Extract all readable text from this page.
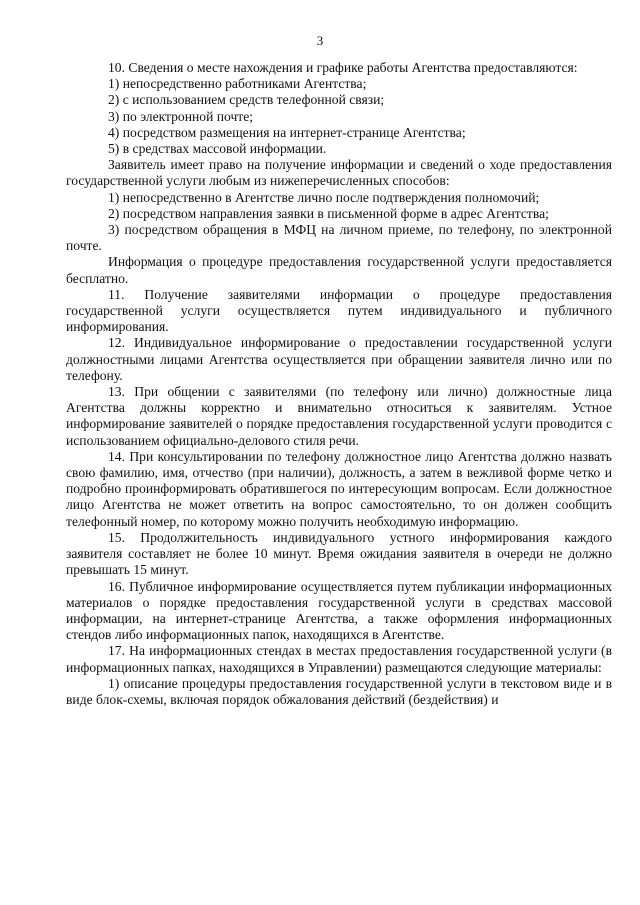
3

10. Сведения о месте нахождения и графике работы Агентства предоставляются:

1) непосредственно работниками Агентства;

2) с использованием средств телефонной связи;

3) по электронной почте;

4) посредством размещения на интернет-странице Агентства;

5) в средствах массовой информации.

Заявитель имеет право на получение информации и сведений о ходе предоставления государственной услуги любым из нижеперечисленных способов:

1) непосредственно в Агентстве лично после подтверждения полномочий;

2) посредством направления заявки в письменной форме в адрес Агентства;

3) посредством обращения в МФЦ на личном приеме, по телефону, по электронной почте.

Информация о процедуре предоставления государственной услуги предоставляется бесплатно.

11. Получение заявителями информации о процедуре предоставления государственной услуги осуществляется путем индивидуального и публичного информирования.

12. Индивидуальное информирование о предоставлении государственной услуги должностными лицами Агентства осуществляется при обращении заявителя лично или по телефону.

13. При общении с заявителями (по телефону или лично) должностные лица Агентства должны корректно и внимательно относиться к заявителям. Устное информирование заявителей о порядке предоставления государственной услуги проводится с использованием официально-делового стиля речи.

14. При консультировании по телефону должностное лицо Агентства должно назвать свою фамилию, имя, отчество (при наличии), должность, а затем в вежливой форме четко и подробно проинформировать обратившегося по интересующим вопросам. Если должностное лицо Агентства не может ответить на вопрос самостоятельно, то он должен сообщить телефонный номер, по которому можно получить необходимую информацию.

15. Продолжительность индивидуального устного информирования каждого заявителя составляет не более 10 минут. Время ожидания заявителя в очереди не должно превышать 15 минут.

16. Публичное информирование осуществляется путем публикации информационных материалов о порядке предоставления государственной услуги в средствах массовой информации, на интернет-странице Агентства, а также оформления информационных стендов либо информационных папок, находящихся в Агентстве.

17. На информационных стендах в местах предоставления государственной услуги (в информационных папках, находящихся в Управлении) размещаются следующие материалы:

1) описание процедуры предоставления государственной услуги в текстовом виде и в виде блок-схемы, включая порядок обжалования действий (бездействия) и
